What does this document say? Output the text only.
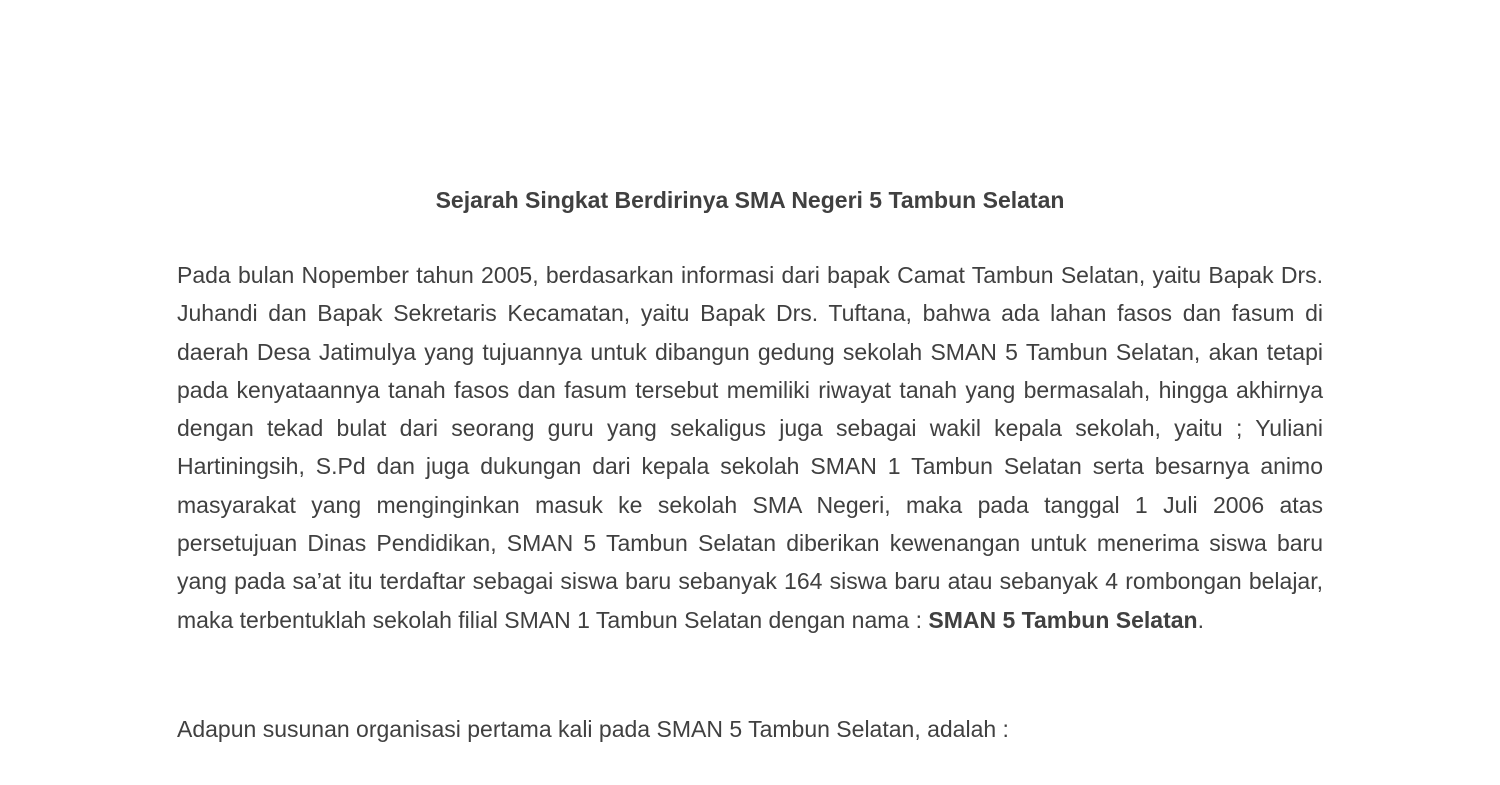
Sejarah Singkat Berdirinya SMA Negeri 5 Tambun Selatan

Pada bulan Nopember tahun 2005, berdasarkan informasi dari bapak Camat Tambun Selatan, yaitu Bapak Drs. Juhandi dan Bapak Sekretaris Kecamatan, yaitu Bapak Drs. Tuftana, bahwa ada lahan fasos dan fasum di daerah Desa Jatimulya yang tujuannya untuk dibangun gedung sekolah SMAN 5 Tambun Selatan, akan tetapi pada kenyataannya tanah fasos dan fasum tersebut memiliki riwayat tanah yang bermasalah, hingga akhirnya dengan tekad bulat dari seorang guru yang sekaligus juga sebagai wakil kepala sekolah, yaitu ; Yuliani Hartiningsih, S.Pd dan juga dukungan dari kepala sekolah SMAN 1 Tambun Selatan serta besarnya animo masyarakat yang menginginkan masuk ke sekolah SMA Negeri, maka pada tanggal 1 Juli 2006 atas persetujuan Dinas Pendidikan, SMAN 5 Tambun Selatan diberikan kewenangan untuk menerima siswa baru yang pada sa’at itu terdaftar sebagai siswa baru sebanyak 164 siswa baru atau sebanyak 4 rombongan belajar, maka terbentuklah sekolah filial SMAN 1 Tambun Selatan dengan nama : SMAN 5 Tambun Selatan.

Adapun susunan organisasi pertama kali pada SMAN 5 Tambun Selatan, adalah :
